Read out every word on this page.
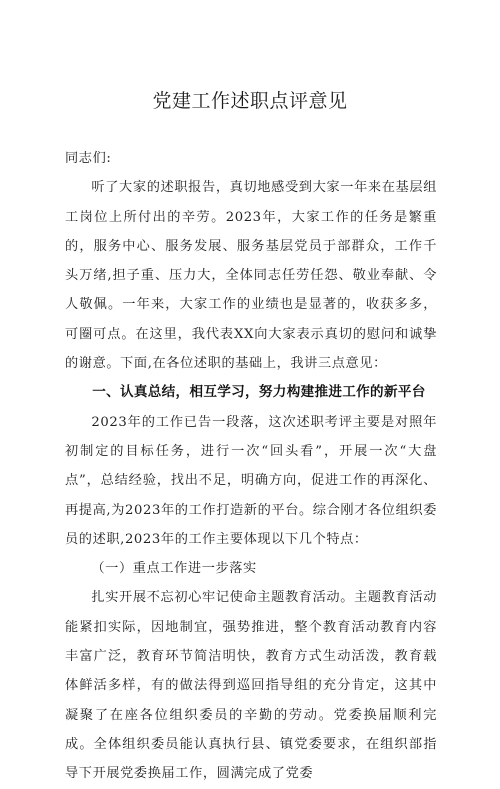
党建工作述职点评意见

同志们:

听了大家的述职报告，真切地感受到大家一年来在基层组工岗位上所付出的辛劳。2023年，大家工作的任务是繁重的，服务中心、服务发展、服务基层党员于部群众，工作千头万绪,担子重、压力大，全体同志任劳任怨、敬业奉献、令人敬佩。一年来，大家工作的业绩也是显著的，收获多多，可圈可点。在这里，我代表XX向大家表示真切的慰问和诚挚的谢意。下面,在各位述职的基础上，我讲三点意见：

一、认真总结，相互学习，努力构建推进工作的新平台

2023年的工作已告一段落，这次述职考评主要是对照年初制定的目标任务，进行一次“回头看”，开展一次“大盘点”，总结经验，找出不足，明确方向，促进工作的再深化、再提高,为2023年的工作打造新的平台。综合刚才各位组织委员的述职,2023年的工作主要体现以下几个特点：

（一）重点工作进一步落实

扎实开展不忘初心牢记使命主题教育活动。主题教育活动能紧扣实际，因地制宜，强势推进，整个教育活动教育内容丰富广泛，教育环节简洁明快，教育方式生动活泼，教育载体鲜活多样，有的做法得到巡回指导组的充分肯定，这其中凝聚了在座各位组织委员的辛勤的劳动。党委换届顺利完成。全体组织委员能认真执行县、镇党委要求，在组织部指导下开展党委换届工作，圆满完成了党委
